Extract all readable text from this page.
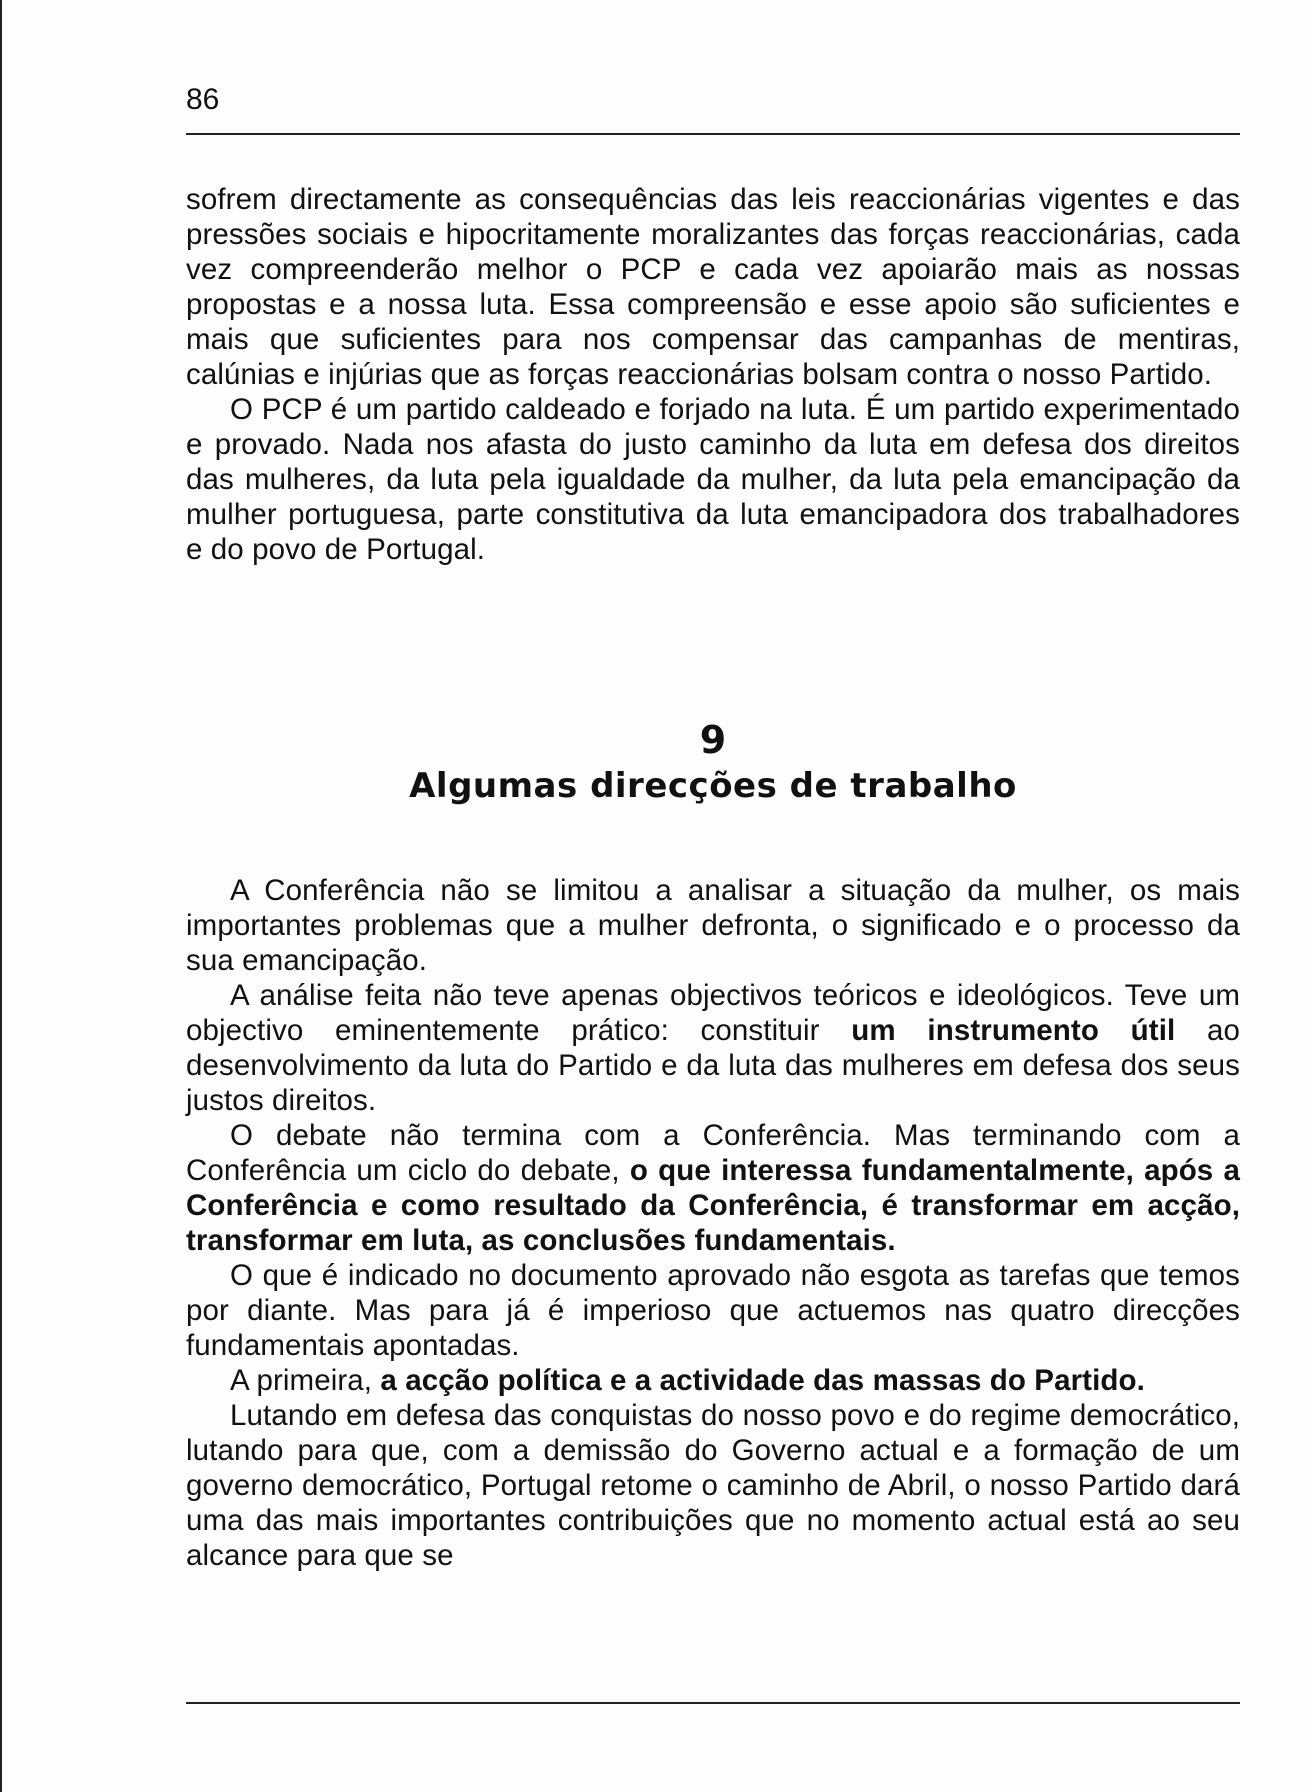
86

sofrem directamente as consequências das leis reaccionárias vigentes e das pressões sociais e hipocritamente moralizantes das forças reaccionárias, cada vez compreenderão melhor o PCP e cada vez apoiarão mais as nossas propostas e a nossa luta. Essa compreensão e esse apoio são suficientes e mais que suficientes para nos compensar das campanhas de mentiras, calúnias e injúrias que as forças reaccionárias bolsam contra o nosso Partido.

O PCP é um partido caldeado e forjado na luta. É um partido experimentado e provado. Nada nos afasta do justo caminho da luta em defesa dos direitos das mulheres, da luta pela igualdade da mulher, da luta pela emancipação da mulher portuguesa, parte constitutiva da luta emancipadora dos trabalhadores e do povo de Portugal.

9
Algumas direcções de trabalho

A Conferência não se limitou a analisar a situação da mulher, os mais importantes problemas que a mulher defronta, o significado e o processo da sua emancipação.

A análise feita não teve apenas objectivos teóricos e ideológicos. Teve um objectivo eminentemente prático: constituir um instrumento útil ao desenvolvimento da luta do Partido e da luta das mulheres em defesa dos seus justos direitos.

O debate não termina com a Conferência. Mas terminando com a Conferência um ciclo do debate, o que interessa fundamentalmente, após a Conferência e como resultado da Conferência, é transformar em acção, transformar em luta, as conclusões fundamentais.

O que é indicado no documento aprovado não esgota as tarefas que temos por diante. Mas para já é imperioso que actuemos nas quatro direcções fundamentais apontadas.

A primeira, a acção política e a actividade das massas do Partido.

Lutando em defesa das conquistas do nosso povo e do regime democrático, lutando para que, com a demissão do Governo actual e a formação de um governo democrático, Portugal retome o caminho de Abril, o nosso Partido dará uma das mais importantes contribuições que no momento actual está ao seu alcance para que se
